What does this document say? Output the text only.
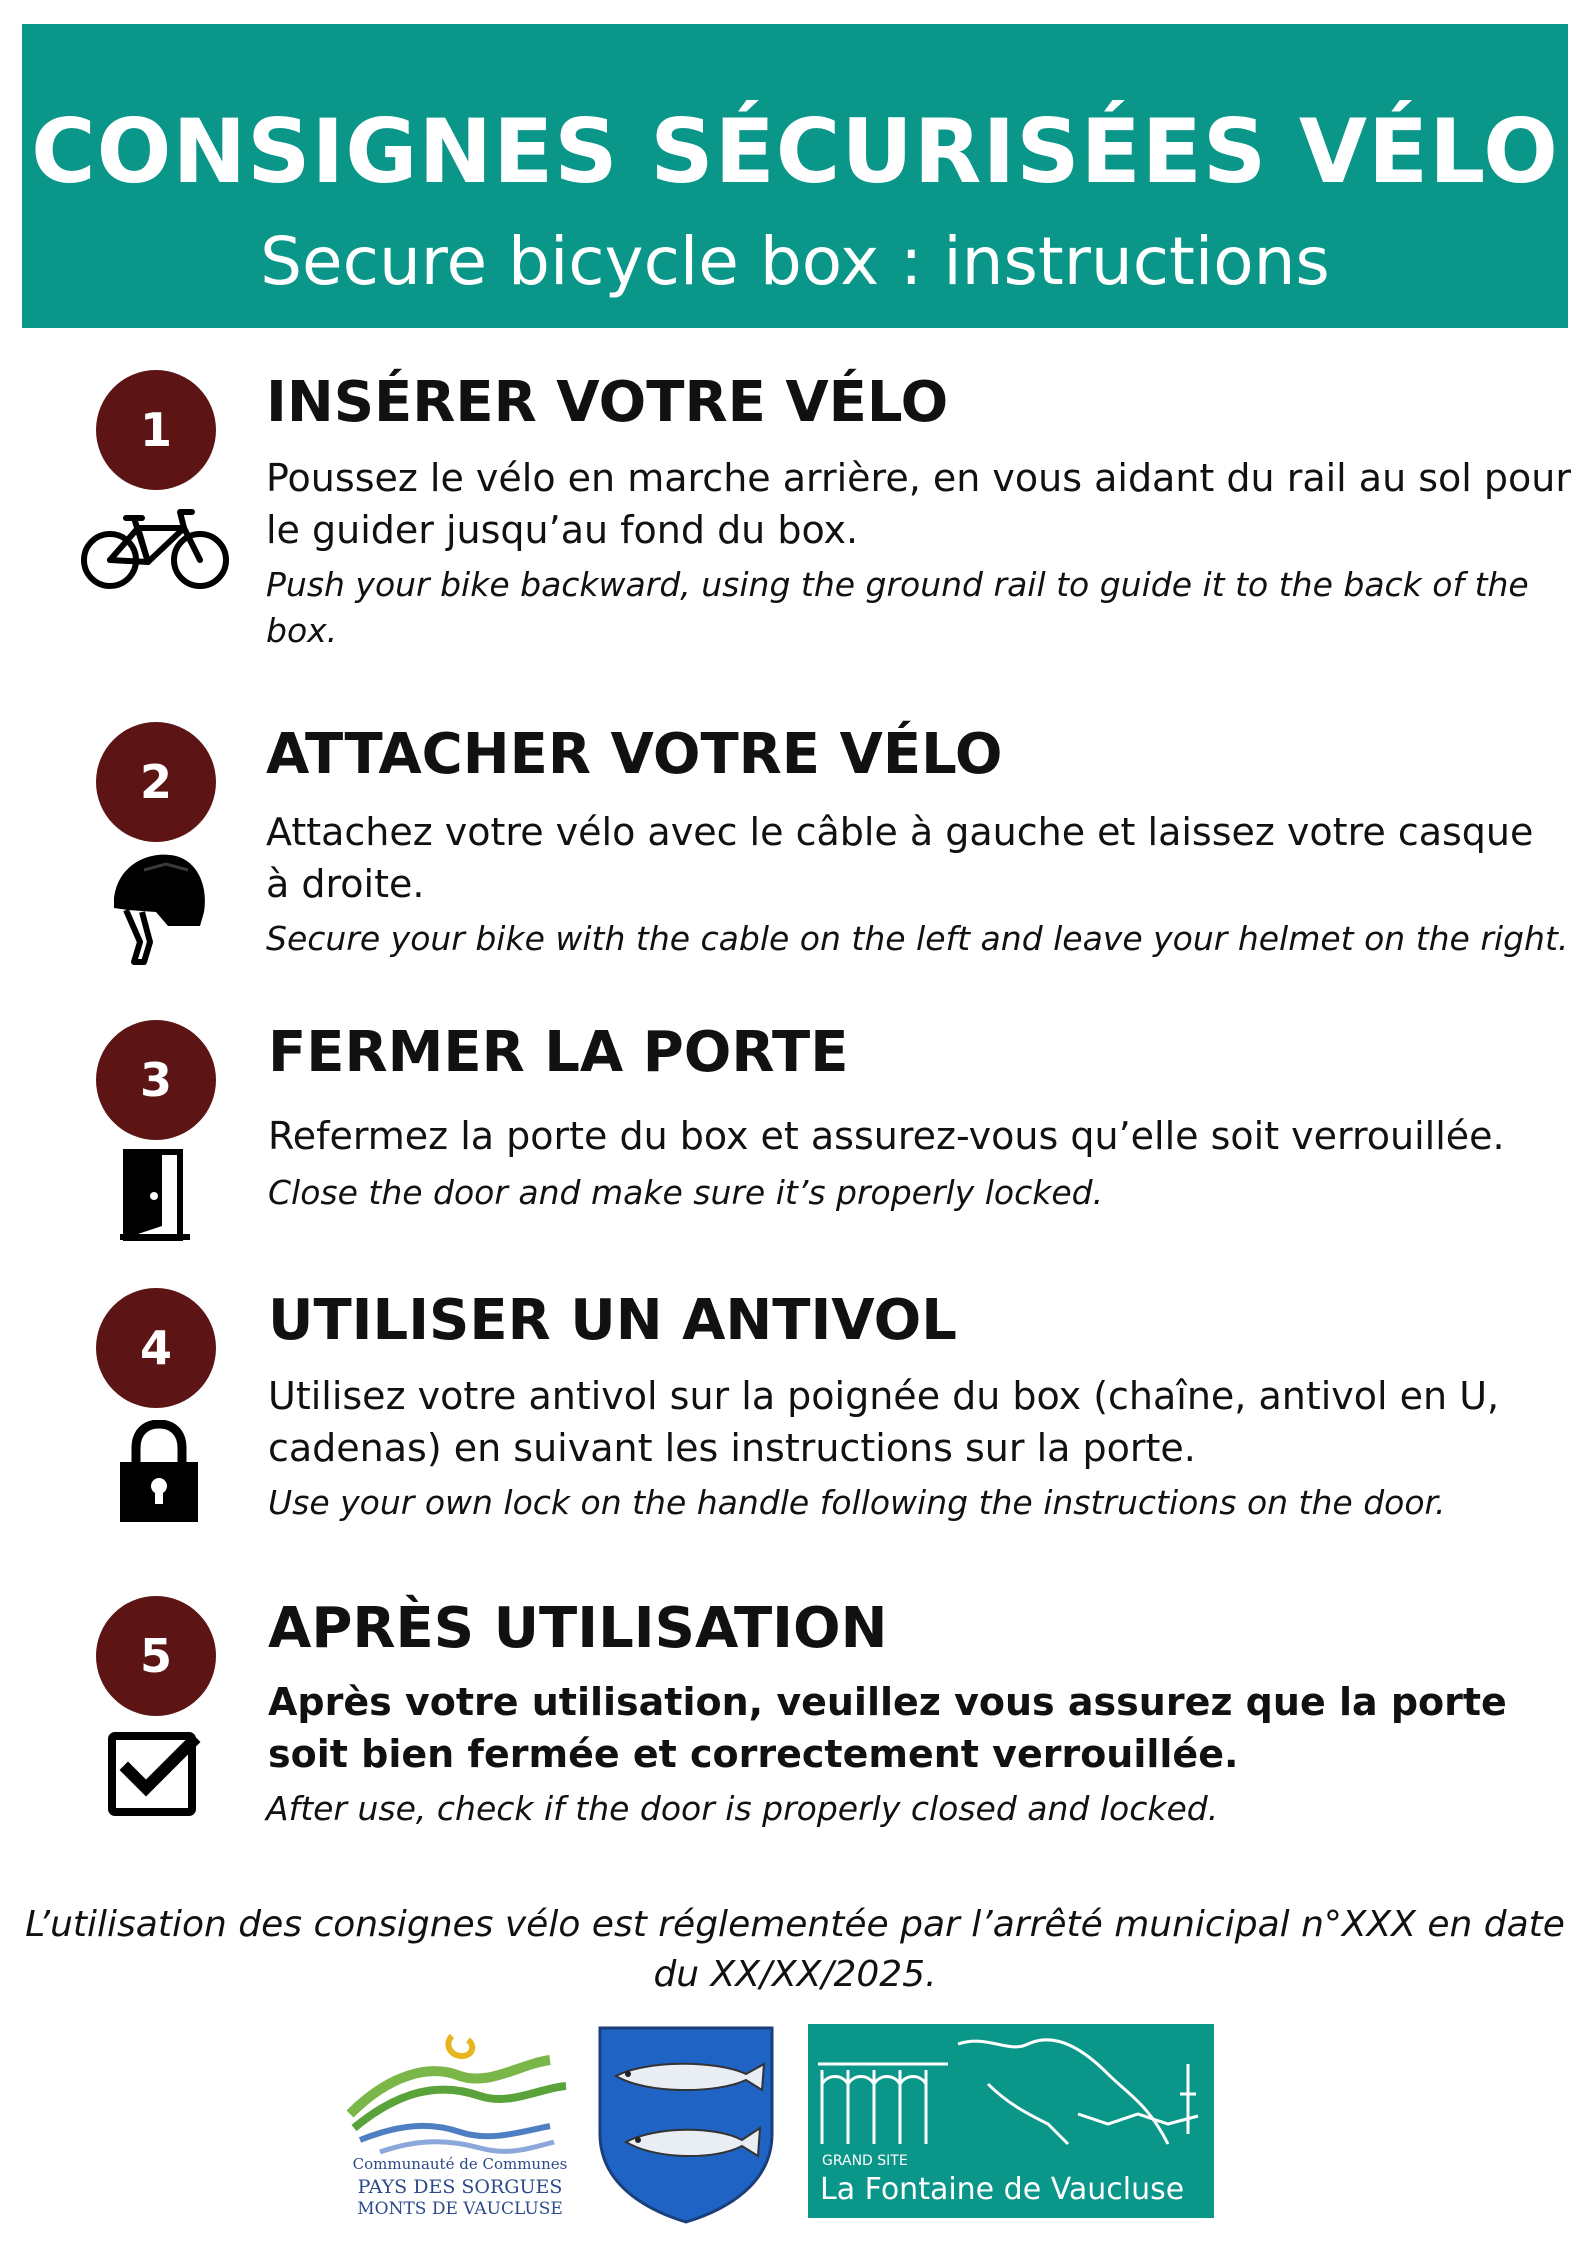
CONSIGNES SÉCURISÉES VÉLO
Secure bicycle box : instructions
1	INSÉRER VOTRE VÉLO
Poussez le vélo en marche arrière, en vous aidant du rail au sol pour le guider jusqu’au fond du box.
Push your bike backward, using the ground rail to guide it to the back of the box.
2	ATTACHER VOTRE VÉLO
Attachez votre vélo avec le câble à gauche et laissez votre casque à droite.
Secure your bike with the cable on the left and leave your helmet on the right.
3	FERMER LA PORTE
Refermez la porte du box et assurez-vous qu’elle soit verrouillée.
Close the door and make sure it’s properly locked.
4	UTILISER UN ANTIVOL
Utilisez votre antivol sur la poignée du box (chaîne, antivol en U, cadenas) en suivant les instructions sur la porte.
Use your own lock on the handle following the instructions on the door.
5	APRÈS UTILISATION
Après votre utilisation, veuillez vous assurez que la porte soit bien fermée et correctement verrouillée.
After use, check if the door is properly closed and locked.
L’utilisation des consignes vélo est réglementée par l’arrêté municipal n°XXX en date du XX/XX/2025.
Communauté de Communes
PAYS DES SORGUES
MONTS DE VAUCLUSE
GRAND SITE
La Fontaine de Vaucluse
